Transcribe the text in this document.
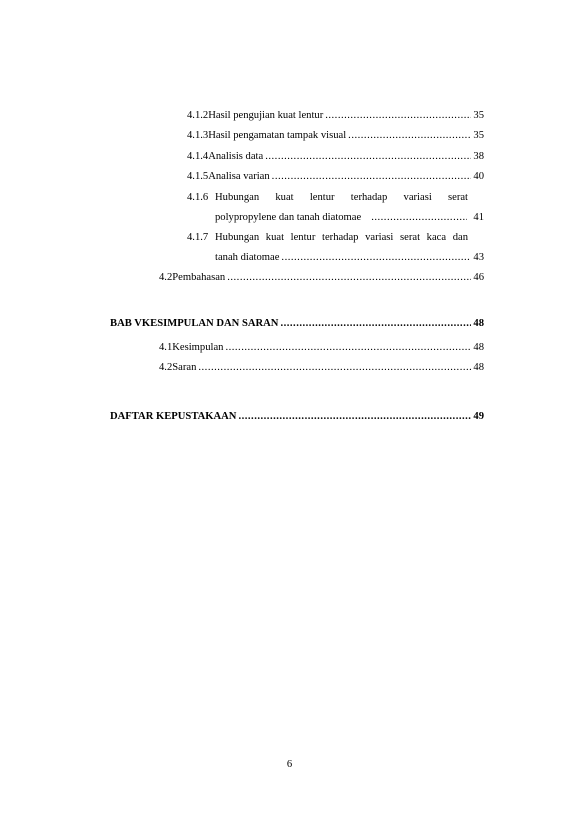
4.1.2 Hasil pengujian kuat lentur .....	35
4.1.3 Hasil pengamatan tampak visual .....	35
4.1.4 Analisis data .....	38
4.1.5 Analisa varian .....	40
4.1.6 Hubungan kuat lentur terhadap variasi serat
polypropylene dan tanah diatomae .....	41
4.1.7 Hubungan kuat lentur terhadap variasi serat kaca dan
tanah diatomae .....	43
4.2 Pembahasan .....	46
BAB V KESIMPULAN DAN SARAN .....	48
4.1 Kesimpulan .....	48
4.2 Saran .....	48
DAFTAR KEPUSTAKAAN .....	49
6
